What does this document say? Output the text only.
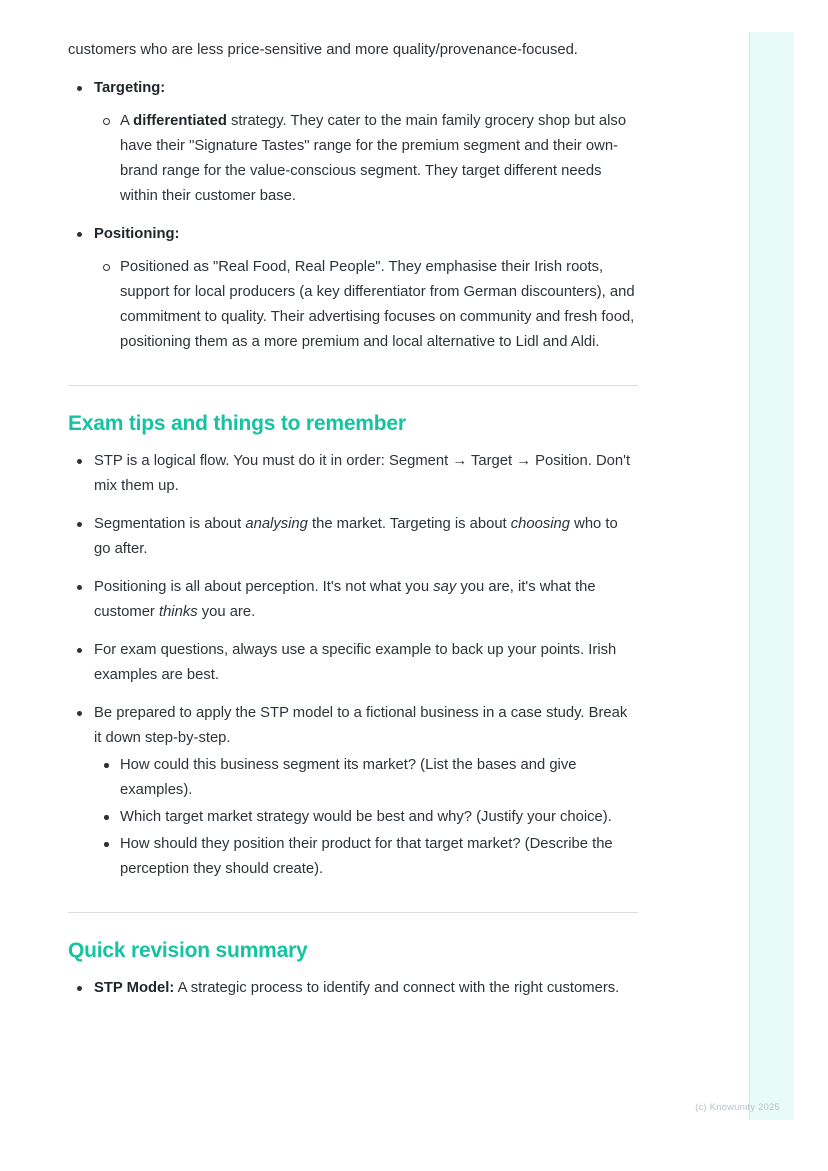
(c) Knowunity 2025

customers who are less price-sensitive and more quality/provenance-focused.

Targeting:
A differentiated strategy. They cater to the main family grocery shop but also have their "Signature Tastes" range for the premium segment and their own-brand range for the value-conscious segment. They target different needs within their customer base.
Positioning:
Positioned as "Real Food, Real People". They emphasise their Irish roots, support for local producers (a key differentiator from German discounters), and commitment to quality. Their advertising focuses on community and fresh food, positioning them as a more premium and local alternative to Lidl and Aldi.
Exam tips and things to remember
STP is a logical flow. You must do it in order: Segment → Target → Position. Don't mix them up.
Segmentation is about analysing the market. Targeting is about choosing who to go after.
Positioning is all about perception. It's not what you say you are, it's what the customer thinks you are.
For exam questions, always use a specific example to back up your points. Irish examples are best.
Be prepared to apply the STP model to a fictional business in a case study. Break it down step-by-step.
How could this business segment its market? (List the bases and give examples).
Which target market strategy would be best and why? (Justify your choice).
How should they position their product for that target market? (Describe the perception they should create).
Quick revision summary
STP Model: A strategic process to identify and connect with the right customers.
